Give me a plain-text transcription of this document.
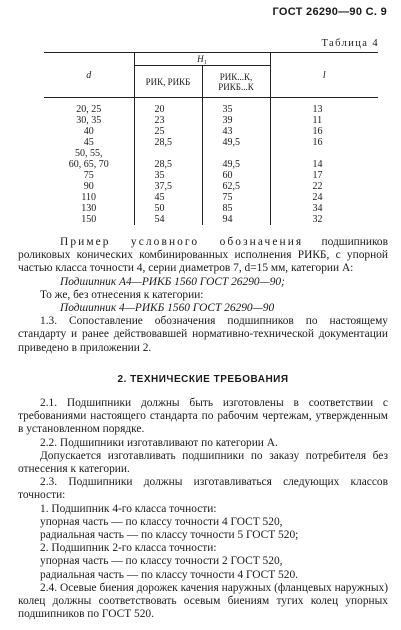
ГОСТ 26290—90 С. 9
Таблица 4
d	H₁		l
	РИК, РИКБ	РИК...К,
РИКБ...К	
20, 25	20	35	13
30, 35	23	39	11
40	25	43	16
45	28,5	49,5	16
50, 55,			
60, 65, 70	28,5	49,5	14
75	35	60	17
90	37,5	62,5	22
110	45	75	24
130	50	85	34
150	54	94	32

Пример условного обозначения подшипников роликовых конических комбинированных исполнения РИКБ, с упорной частью класса точности 4, серии диаметров 7, d=15 мм, категории А:

Подшипник А4—РИКБ 1560 ГОСТ 26290—90;

То же, без отнесения к категории:

Подшипник 4—РИКБ 1560 ГОСТ 26290—90

1.3. Сопоставление обозначения подшипников по настоящему стандарту и ранее действовавшей нормативно-технической документации приведено в приложении 2.

2. ТЕХНИЧЕСКИЕ ТРЕБОВАНИЯ

2.1. Подшипники должны быть изготовлены в соответствии с требованиями настоящего стандарта по рабочим чертежам, утвержденным в установленном порядке.

2.2. Подшипники изготавливают по категории А.

Допускается изготавливать подшипники по заказу потребителя без отнесения к категории.

2.3. Подшипники должны изготавливаться следующих классов точности:

1. Подшипник 4-го класса точности:

упорная часть — по классу точности 4 ГОСТ 520,

радиальная часть — по классу точности 5 ГОСТ 520;

2. Подшипник 2-го класса точности:

упорная часть — по классу точности 2 ГОСТ 520,

радиальная часть — по классу точности 4 ГОСТ 520.

2.4. Осевые биения дорожек качения наружных (фланцевых наружных) колец должны соответствовать осевым биениям тугих колец упорных подшипников по ГОСТ 520.
